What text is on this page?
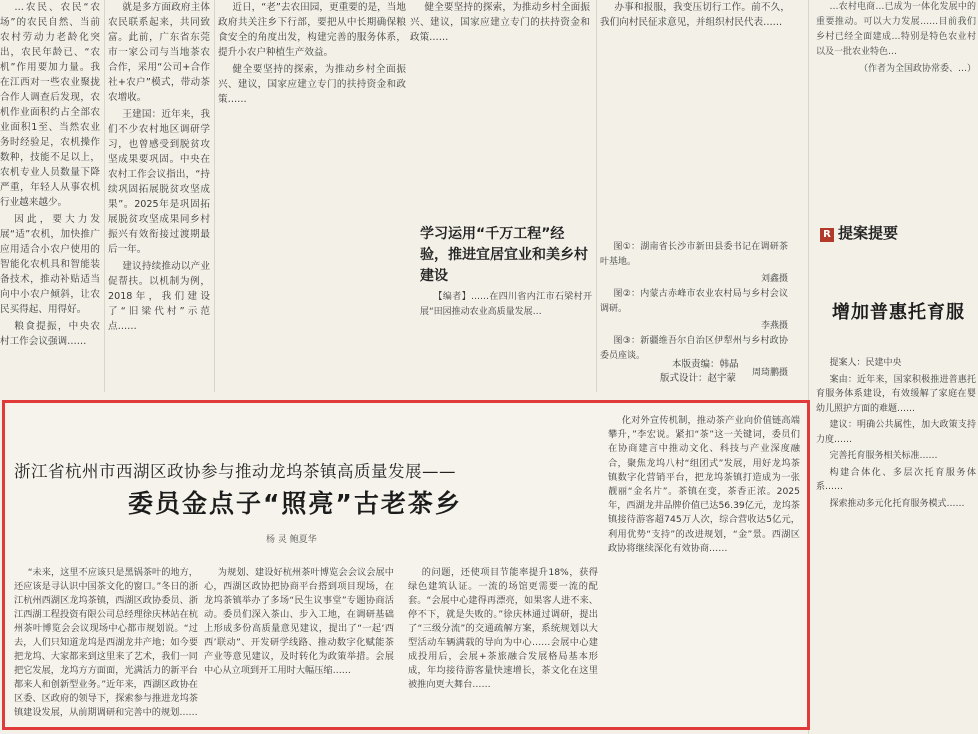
…农民、农民“农场”的农民自然、当前农村劳动力老龄化突出，农民年龄已、“农机”作用要加力量。我在江西对一些农业聚拢合作人调查后发现，农机作业面积约占全部农业面积1至、当然农业务时经验足，农机操作数种，技能不足以上，农机专业人员数量下降严重，年轻人从事农机行业越来越少。

因此，要大力发展“适”农机，加快推广应用适合小农户使用的智能化农机具和智能装备技术，推动补贴适当向中小农户倾斜，让农民买得起、用得好。

粮食提振，中央农村工作会议强调……

就是多方面政府主体农民联系起来，共同致富。此前，广东省东莞市一家公司与当地茶农合作，采用“公司+合作社+农户”模式，带动茶农增收。

王建国：近年来，我们不少农村地区调研学习，也曾感受到脱贫攻坚成果要巩固。中央在农村工作会议指出，“持续巩固拓展脱贫攻坚成果”。2025年是巩固拓展脱贫攻坚成果同乡村振兴有效衔接过渡期最后一年。

建议持续推动以产业促帮扶。以机制为例，2018年，我们建设了“旧梁代村”示范点……

近日，“老”去农田园，更重要的是，当地政府共关注乡下行部，要把从中长期确保粮食安全的角度出发，构建完善的服务体系，提升小农户种植生产效益。

健全要坚持的探索，为推动乡村全面振兴、建议，国家应建立专门的扶持资金和政策……

学习运用“千万工程”经验，推进宜居宜业和美乡村建设

【编者】……在四川省内江市石梁村开展“田园推动农业高质量发展…

健全要坚持的探索，为推动乡村全面振兴、建议，国家应建立专门的扶持资金和政策……

办事和报服，我变压切行工作。前不久，我们向村民征求意见，并组织村民代表……

图①：湖南省长沙市新田县委书记在调研茶叶基地。

刘鑫摄

图②：内蒙古赤峰市农业农村局与乡村会议调研。

李燕摄

图③：新疆维吾尔自治区伊犁州与乡村政协委员座谈。

周琦鹏摄
本版责编：韩晶
版式设计：赵宇蒙

…农村电商…已成为一体化发展中的重要推动。可以大力发展……目前我们乡村已经全面建成…特别是特色农业村以及一批农业特色…

（作者为全国政协常委、…）
R 提案提要
增加普惠托育服

提案人：民建中央

案由：近年来，国家积极推进普惠托育服务体系建设，有效缓解了家庭在婴幼儿照护方面的难题……

建议：明确公共属性，加大政策支持力度……

完善托育服务相关标准……

构建合体化、多层次托育服务体系……

探索推动多元化托育服务模式……

浙江省杭州市西湖区政协参与推动龙坞茶镇高质量发展——
委员金点子“照亮”古老茶乡
杨 灵 鲍夏华

“未来，这里不应该只是黑锅茶叶的地方，还应该是寻认识中国茶文化的窗口。”冬日的浙江杭州西湖区龙坞茶镇，西湖区政协委员、浙江西湖工程投资有限公司总经理徐庆林站在杭州茶叶博览会会议现场中心都市规划说。“过去，人们只知道龙坞是西湖龙井产地；如今要把龙坞、大家都来到这里来了艺术，我们一同把它发展，龙坞方方面面，光满活力的新平台都来人和创新型业务。”近年来，西湖区政协在区委、区政府的领导下，探索参与推进龙坞茶镇建设发展，从前期调研和完善中的规划……

为规划、建设好杭州茶叶博览会会议会展中心，西湖区政协把协商平台搭到项目现场，在龙坞茶镇举办了多场“民生议事堂”专题协商活动。委员们深入茶山、步入工地，在调研基础上形成多份高质量意见建议，提出了“一起‘西西’联动”、开发研学线路、推动数字化赋能茶产业等意见建议，及时转化为政策举措。会展中心从立项到开工用时大幅压缩……

的问题，还使项目节能率提升18%，获得绿色建筑认证。一流的场馆更需要一流的配套。“会展中心建得再漂亮，如果客人进不来、停不下，就是失败的。”徐庆林通过调研，提出了“三级分流”的交通疏解方案，系统规划以大型活动车辆满载的导向为中心……会展中心建成投用后，会展+茶旅融合发展格局基本形成，年均接待游客量快速增长，茶文化在这里被推向更大舞台……

化对外宣传机制，推动茶产业向价值链高端攀升，”李宏说。紧扣“茶”这一关键词，委员们在协商建言中推动文化、科技与产业深度融合，聚焦龙坞八村“组团式”发展，用好龙坞茶镇数字化营销平台，把龙坞茶镇打造成为一张靓丽“金名片”。茶镇在变，茶香正浓。2025年，西湖龙井品牌价值已达56.39亿元，龙坞茶镇接待游客超745万人次，综合营收达5亿元，利用优势“支持”的改进规划，“金”景。西湖区政协将继续深化有效协商……
